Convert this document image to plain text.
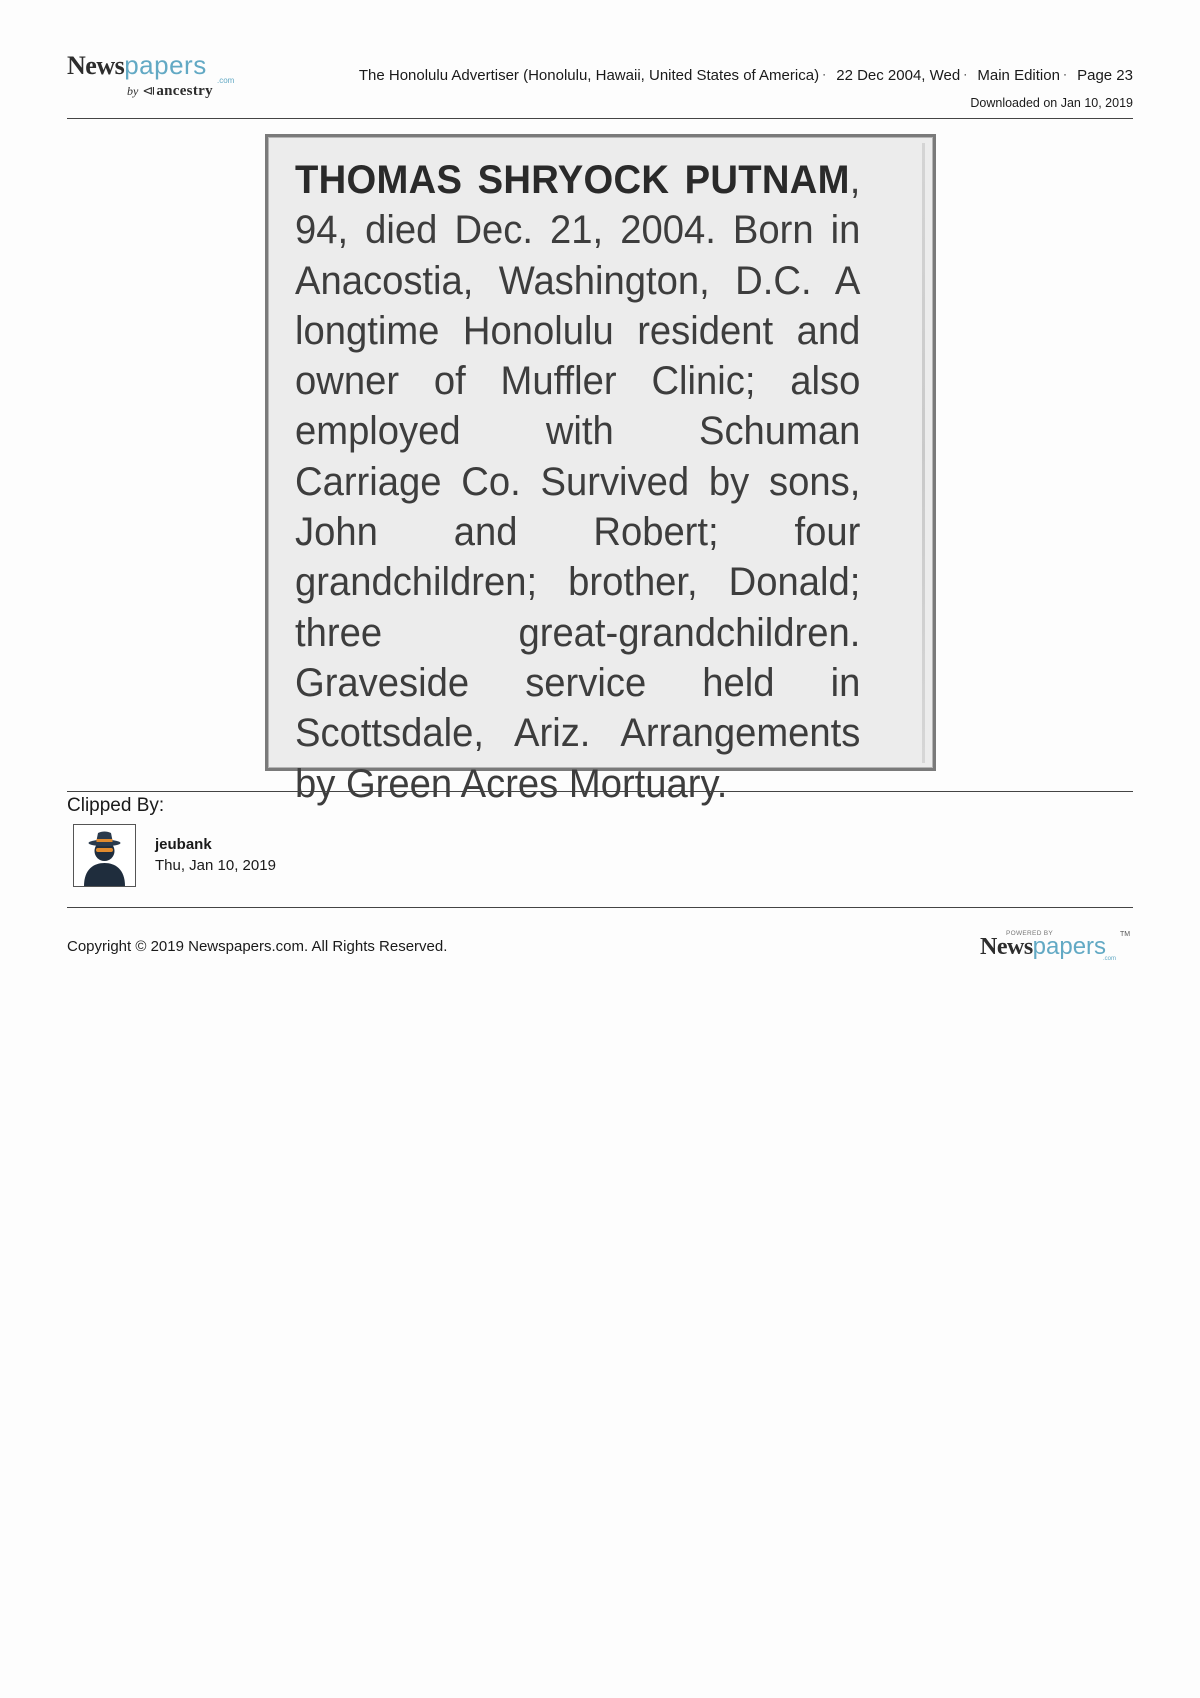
Newspapers
.com
by ⧏ancestry
The Honolulu Advertiser (Honolulu, Hawaii, United States of America) · 22 Dec 2004, Wed · Main Edition · Page 23
Downloaded on Jan 10, 2019
THOMAS SHRYOCK PUTNAM, 94, died Dec. 21, 2004. Born in Anacostia, Washington, D.C. A longtime Honolulu resident and owner of Muffler Clinic; also employed with Schuman Carriage Co. Survived by sons, John and Robert; four grandchildren; brother, Donald; three great-grandchildren. Graveside service held in Scottsdale, Ariz. Arrangements by Green Acres Mortuary.
Clipped By:
jeubank
Thu, Jan 10, 2019
Copyright © 2019 Newspapers.com. All Rights Reserved.
POWERED BY
Newspapers TM
.com
